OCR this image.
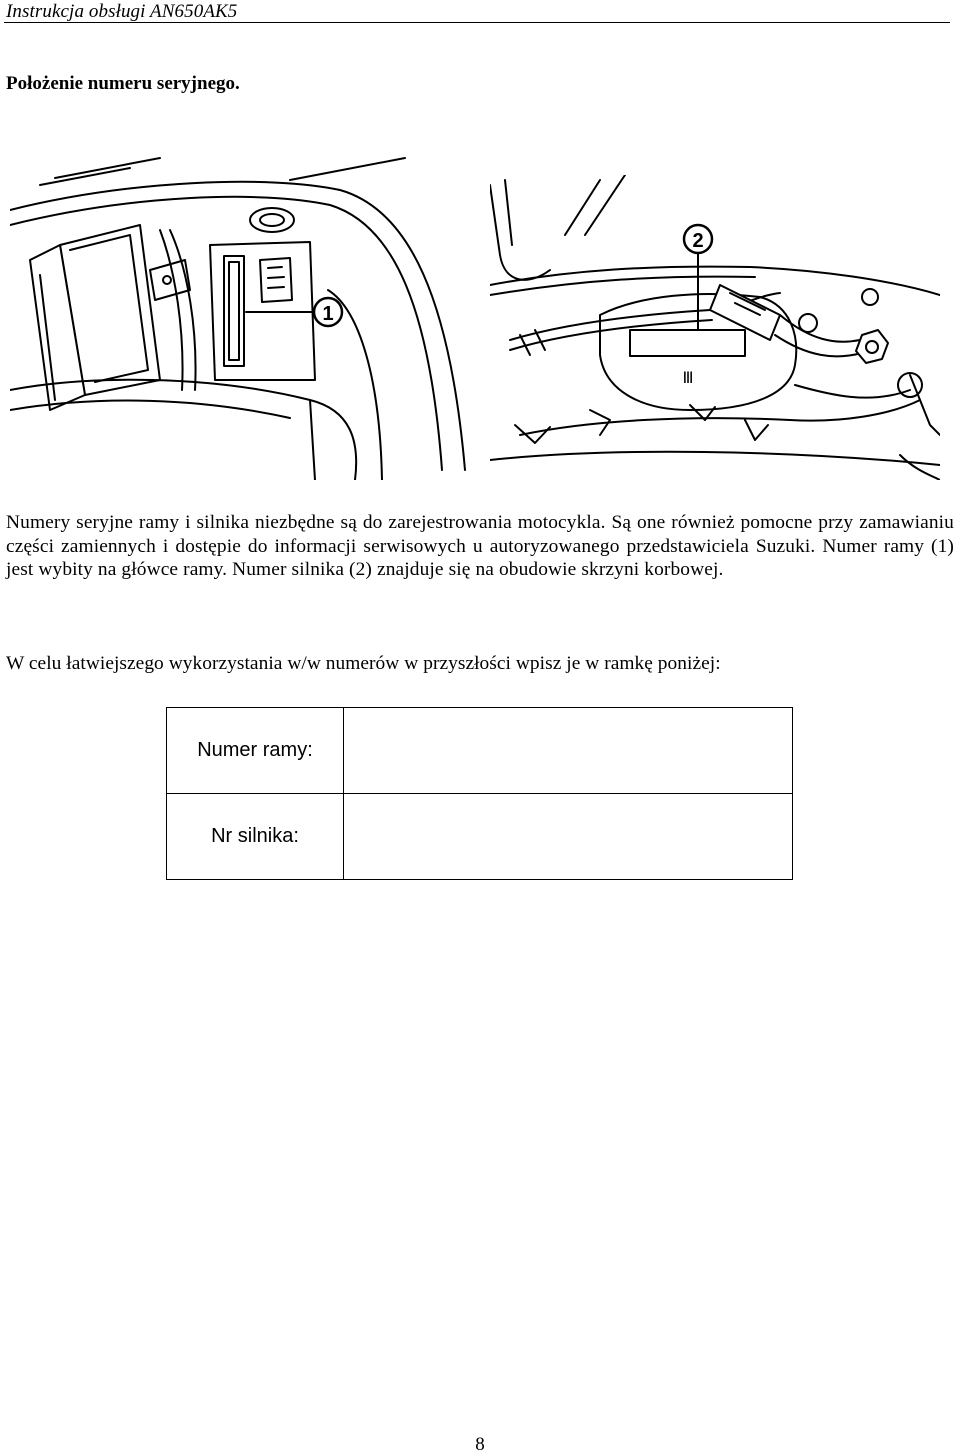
Instrukcja obsługi AN650AK5
Położenie numeru seryjnego.
1
Ⅲ
2
Numery seryjne ramy i silnika niezbędne są do zarejestrowania motocykla. Są one również pomocne przy zamawianiu części zamiennych i dostępie do informacji serwisowych u autoryzowanego przedstawiciela Suzuki. Numer ramy (1) jest wybity na główce ramy. Numer silnika (2) znajduje się na obudowie skrzyni korbowej.
W celu łatwiejszego wykorzystania w/w numerów w przyszłości wpisz je w ramkę poniżej:
Numer ramy:	
Nr silnika:	
8
